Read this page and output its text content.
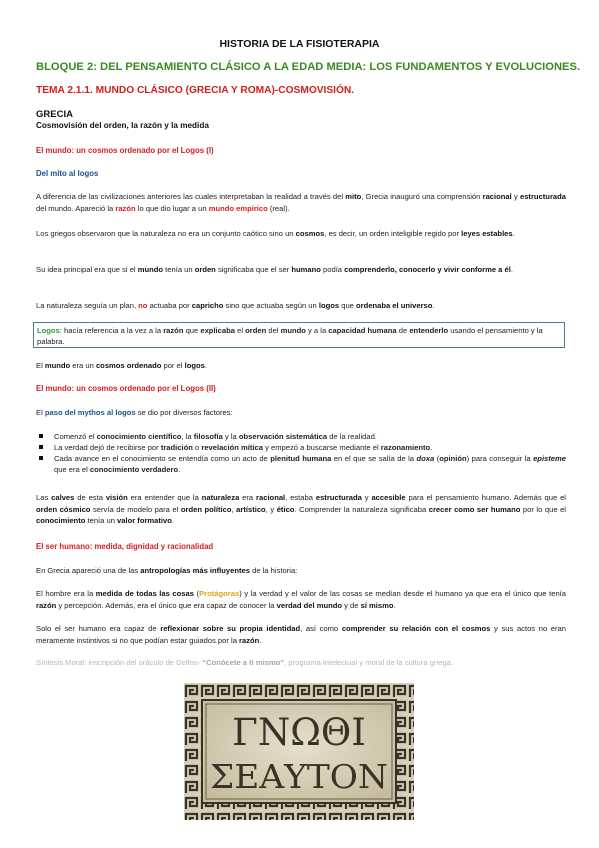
HISTORIA DE LA FISIOTERAPIA
BLOQUE 2: DEL PENSAMIENTO CLÁSICO A LA EDAD MEDIA: LOS FUNDAMENTOS Y EVOLUCIONES.
TEMA 2.1.1. MUNDO CLÁSICO (GRECIA Y ROMA)-COSMOVISIÓN.
GRECIA
Cosmovisión del orden, la razón y la medida
El mundo: un cosmos ordenado por el Logos (I)
Del mito al logos
A diferencia de las civilizaciones anteriores las cuales interpretaban la realidad a través del mito, Grecia inauguró una comprensión racional y estructurada del mundo. Apareció la razón lo que dio lugar a un mundo empírico (real).
Los griegos observaron que la naturaleza no era un conjunto caótico sino un cosmos, es decir, un orden inteligible regido por leyes estables.
Su idea principal era que si el mundo tenía un orden significaba que el ser humano podía comprenderlo, conocerlo y vivir conforme a él.
La naturaleza seguía un plan, no actuaba por capricho sino que actuaba según un logos que ordenaba el universo.
Logos: hacía referencia a la vez a la razón que explicaba el orden del mundo y a la capacidad humana de entenderlo usando el pensamiento y la palabra.
El mundo era un cosmos ordenado por el logos.
El mundo: un cosmos ordenado por el Logos (II)
El paso del mythos al logos se dio por diversos factores:
Comenzó el conocimiento científico, la filosofía y la observación sistemática de la realidad.
La verdad dejó de recibirse por tradición o revelación mítica y empezó a buscarse mediante el razonamiento.
Cada avance en el conocimiento se entendía como un acto de plenitud humana en el que se salía de la doxa (opinión) para conseguir la episteme que era el conocimiento verdadero.
Las calves de esta visión era entender que la naturaleza era racional, estaba estructurada y accesible para el pensamiento humano. Además que el orden cósmico servía de modelo para el orden político, artístico, y ético. Comprender la naturaleza significaba crecer como ser humano por lo que el conocimiento tenía un valor formativo.
El ser humano: medida, dignidad y racionalidad
En Grecia apareció una de las antropologías más influyentes de la historia:
El hombre era la medida de todas las cosas (Protágoras) y la verdad y el valor de las cosas se medían desde el humano ya que era el único que tenía razón y percepción. Además, era el único que era capaz de conocer la verdad del mundo y de sí mismo.
Solo el ser humano era capaz de reflexionar sobre su propia identidad, así como comprender su relación con el cosmos y sus actos no eran meramente instintivos si no que podían estar guiados por la razón.
Síntesis Moral: inscripción del oráculo de Delfos- “Conócete a ti mismo”, programa intelectual y moral de la cultura griega.
ΓΝΩΘΙ
ΣΕΑΥΤΟΝ
